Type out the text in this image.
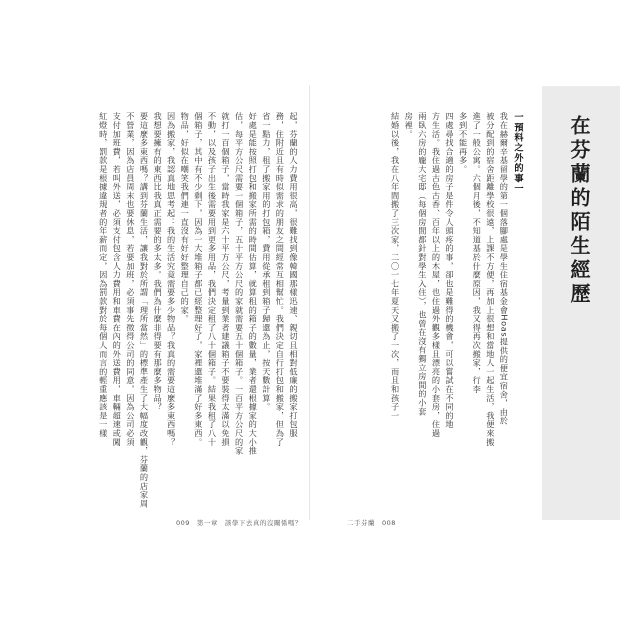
在芬蘭的陌生經歷

一預料之外的事一

我在赫爾辛基留學的第一個落腳處是學生住宿基金會Hoas提供的便宜宿舍，由於

被分配到的宿舍距離學校很遠，上課不方便，再加上很想和當地人一起生活，我便來搬

進了一般公寓。六個月後，不知道基於什麼原因，我又得再次搬家，行李

多到不能再多。

四處尋找合適的房子是件令人頭疼的事，卻也是難得的機會，可以嘗試在不同的地

方生活。我住過古色古香、百年以上的木屋，也住過外觀多樣且漂亮的小套房，住過

兩臥六房的龐大宅邸（每個房間都針對學生入住），也曾在沒有獨立房間的小套

房裡。

結婚以後，我在八年間搬了三次家，二〇一七年夏天又搬了一次，而且和孩子一

起，芬蘭的人力費用很高，很難找到像韓國那樣迅速、親切且相對低廉的搬家打包服

務，住附近且有時似需求的朋友之間經常互相幫忙。我們決定自行打包和搬家，但為了

省一點力，租了搬家用的打包箱，費用從承租到箱子歸還為止，按天數計算。

好處是能按照打包和搬家所需的時間估算，就算租的箱子的數量，業者還根據家的大小推

估，每平方公尺需要一個箱子，五十平方公尺的家就需要五十個箱子。一百平方公尺的家

就打一百個箱子，當時我家是六十平方公尺，考量到業者建議箱子不要裝得太滿以免損

不動，以及孩子出生後需要用到更多用品，我們決定租了八十個箱子。結果我租了八十

個箱子，其中有不少剩下，因為一大堆箱子都已經整理好了，家裡還堆滿了好多東西。

物品，好似在嘲笑我們連一直沒有好好整理自己的家。

因為搬家，我認真地思考起：我的生活究竟需要多少物品？我真的需要這麼多東西嗎？

我想要擁有的東西比我真正需要的多太多。我們為什麼非得要有那麼多物品？

要這麼多東西嗎？講到芬蘭生活，讓我對於所謂「理所當然」的標準產生了大幅度改觀，芬蘭的店家周

不營業，因為店員周末也要休息，若要加班，必須事先徵得公司的同意，因為公司必須

支付加班費，若叫外送，必須支付包含人力費用和車費在內的外送費用，車輛超速或闖

紅燈時，罰款是根據違規者的年薪而定，因為罰款對於每個人而言的輕重應該是一樣

009　第一章　該學下去真的沒關係嗎？	二手芬蘭　008
